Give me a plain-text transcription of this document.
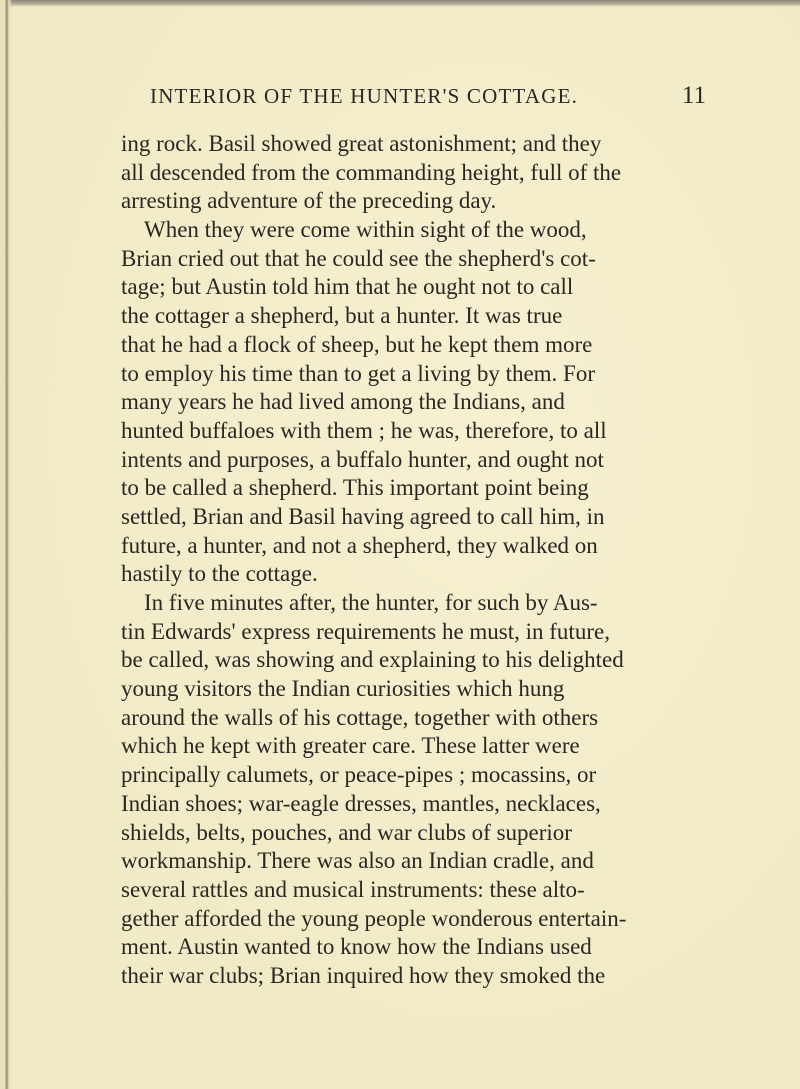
INTERIOR OF THE HUNTER'S COTTAGE.	11
ing rock. Basil showed great astonishment; and they
all descended from the commanding height, full of the
arresting adventure of the preceding day.
When they were come within sight of the wood,
Brian cried out that he could see the shepherd's cot-
tage; but Austin told him that he ought not to call
the cottager a shepherd, but a hunter. It was true
that he had a flock of sheep, but he kept them more
to employ his time than to get a living by them. For
many years he had lived among the Indians, and
hunted buffaloes with them ; he was, therefore, to all
intents and purposes, a buffalo hunter, and ought not
to be called a shepherd. This important point being
settled, Brian and Basil having agreed to call him, in
future, a hunter, and not a shepherd, they walked on
hastily to the cottage.
In five minutes after, the hunter, for such by Aus-
tin Edwards' express requirements he must, in future,
be called, was showing and explaining to his delighted
young visitors the Indian curiosities which hung
around the walls of his cottage, together with others
which he kept with greater care. These latter were
principally calumets, or peace-pipes ; mocassins, or
Indian shoes; war-eagle dresses, mantles, necklaces,
shields, belts, pouches, and war clubs of superior
workmanship. There was also an Indian cradle, and
several rattles and musical instruments: these alto-
gether afforded the young people wonderous entertain-
ment. Austin wanted to know how the Indians used
their war clubs; Brian inquired how they smoked the
